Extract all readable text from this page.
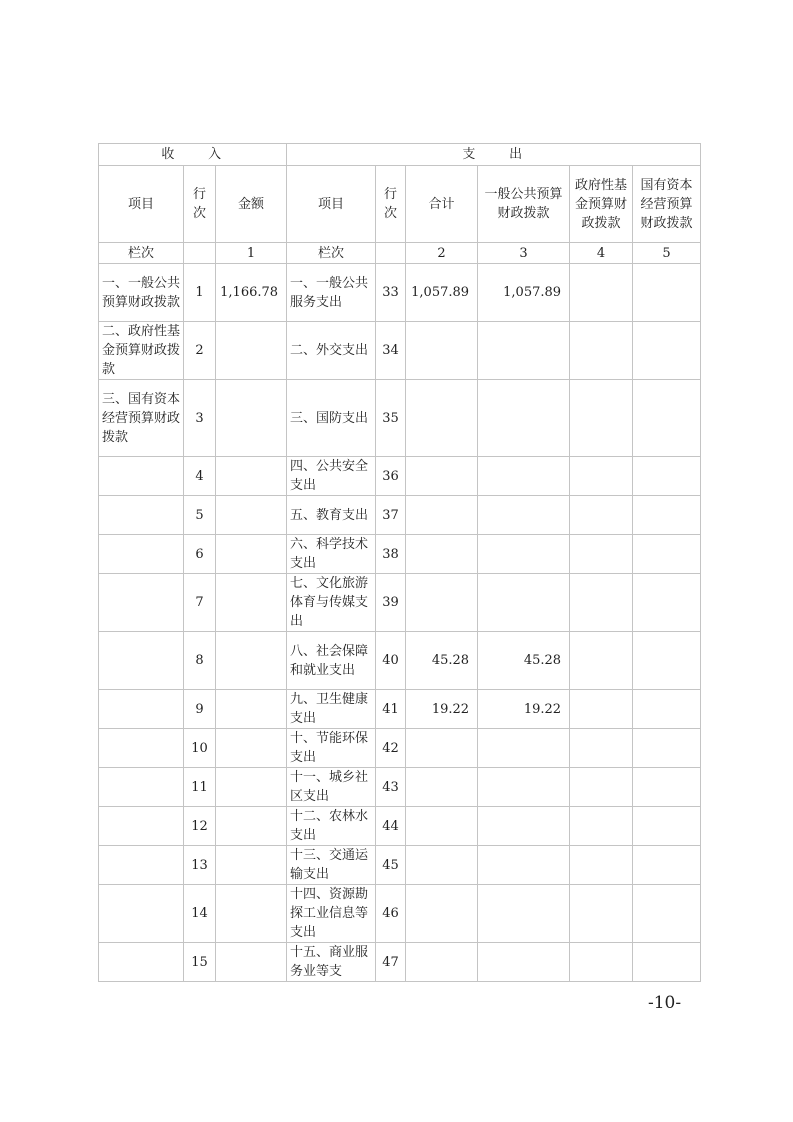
收　　入			支　　出					
项目	行次	金额	项目	行次	合计	一般公共预算财政拨款	政府性基金预算财政拨款	国有资本经营预算财政拨款
栏次		1	栏次		2	3	4	5
一、一般公共预算财政拨款	1	1,166.78	一、一般公共服务支出	33	1,057.89	1,057.89		
二、政府性基金预算财政拨款	2		二、外交支出	34				
三、国有资本经营预算财政拨款	3		三、国防支出	35				
	4		四、公共安全支出	36				
	5		五、教育支出	37				
	6		六、科学技术支出	38				
	7		七、文化旅游体育与传媒支出	39				
	8		八、社会保障和就业支出	40	45.28	45.28		
	9		九、卫生健康支出	41	19.22	19.22		
	10		十、节能环保支出	42				
	11		十一、城乡社区支出	43				
	12		十二、农林水支出	44				
	13		十三、交通运输支出	45				
	14		十四、资源勘探工业信息等支出	46				
	15		十五、商业服务业等支	47				
-10-
